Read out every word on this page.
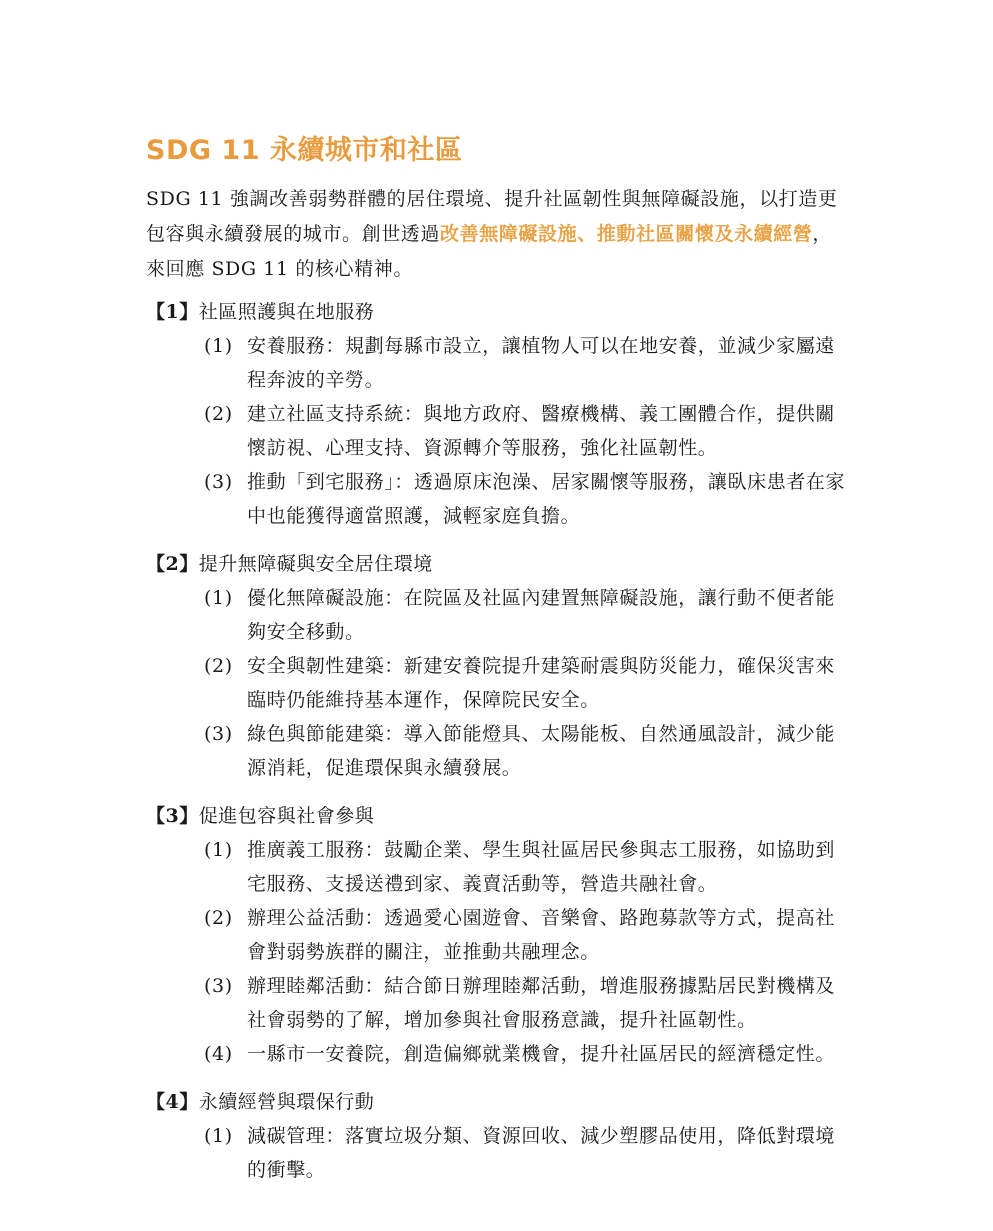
SDG 11 永續城市和社區

SDG 11 強調改善弱勢群體的居住環境、提升社區韌性與無障礙設施，以打造更包容與永續發展的城市。創世透過改善無障礙設施、推動社區關懷及永續經營，來回應 SDG 11 的核心精神。

【1】社區照護與在地服務
(1) 安養服務：規劃每縣市設立，讓植物人可以在地安養，並減少家屬遠程奔波的辛勞。
(2) 建立社區支持系統：與地方政府、醫療機構、義工團體合作，提供關懷訪視、心理支持、資源轉介等服務，強化社區韌性。
(3) 推動「到宅服務」：透過原床泡澡、居家關懷等服務，讓臥床患者在家中也能獲得適當照護，減輕家庭負擔。
【2】提升無障礙與安全居住環境
(1) 優化無障礙設施：在院區及社區內建置無障礙設施，讓行動不便者能夠安全移動。
(2) 安全與韌性建築：新建安養院提升建築耐震與防災能力，確保災害來臨時仍能維持基本運作，保障院民安全。
(3) 綠色與節能建築：導入節能燈具、太陽能板、自然通風設計，減少能源消耗，促進環保與永續發展。
【3】促進包容與社會參與
(1) 推廣義工服務：鼓勵企業、學生與社區居民參與志工服務，如協助到宅服務、支援送禮到家、義賣活動等，營造共融社會。
(2) 辦理公益活動：透過愛心園遊會、音樂會、路跑募款等方式，提高社會對弱勢族群的關注，並推動共融理念。
(3) 辦理睦鄰活動：結合節日辦理睦鄰活動，增進服務據點居民對機構及社會弱勢的了解，增加參與社會服務意識，提升社區韌性。
(4) 一縣市一安養院，創造偏鄉就業機會，提升社區居民的經濟穩定性。
【4】永續經營與環保行動
(1) 減碳管理：落實垃圾分類、資源回收、減少塑膠品使用，降低對環境的衝擊。
